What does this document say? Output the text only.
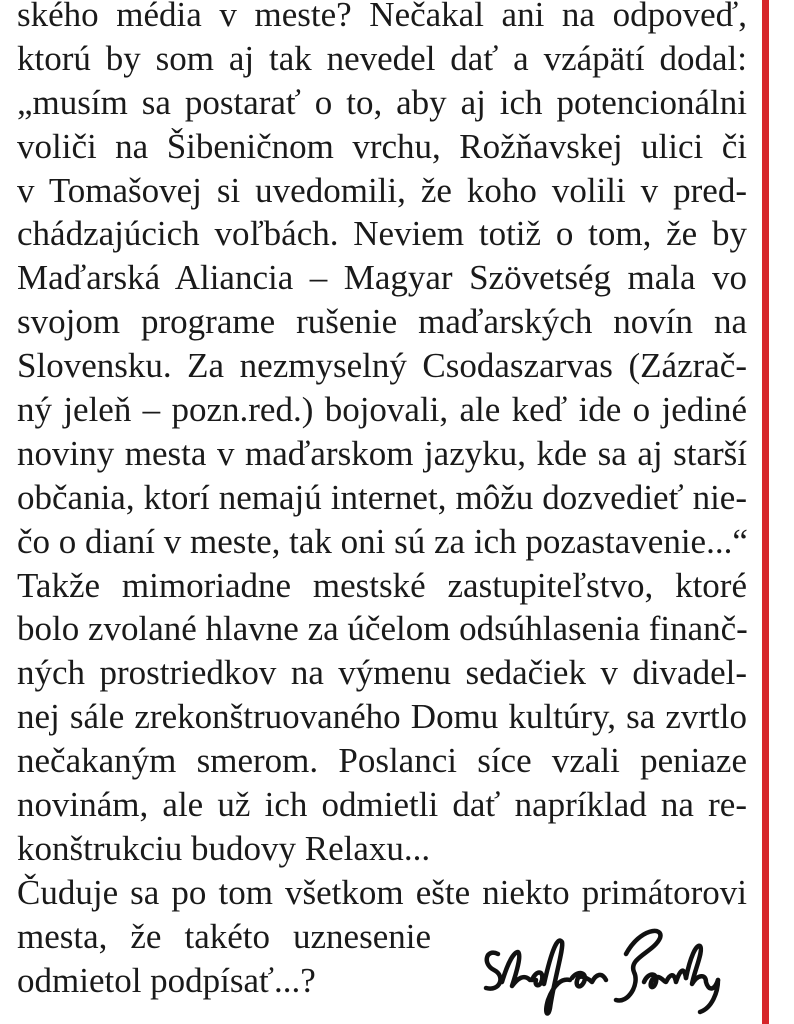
ského média v meste? Nečakal ani na odpoveď,
ktorú by som aj tak nevedel dať a vzápätí dodal:
„musím sa postarať o to, aby aj ich potencionálni
voliči na Šibeničnom vrchu, Rožňavskej ulici či
v Tomašovej si uvedomili, že koho volili v pred-
chádzajúcich voľbách. Neviem totiž o tom, že by
Maďarská Aliancia – Magyar Szövetség mala vo
svojom programe rušenie maďarských novín na
Slovensku. Za nezmyselný Csodaszarvas (Zázrač-
ný jeleň – pozn.red.) bojovali, ale keď ide o jediné
noviny mesta v maďarskom jazyku, kde sa aj starší
občania, ktorí nemajú internet, môžu dozvedieť nie-
čo o dianí v meste, tak oni sú za ich pozastavenie...“
Takže mimoriadne mestské zastupiteľstvo, ktoré
bolo zvolané hlavne za účelom odsúhlasenia finanč-
ných prostriedkov na výmenu sedačiek v divadel-
nej sále zrekonštruovaného Domu kultúry, sa zvrtlo
nečakaným smerom. Poslanci síce vzali peniaze
novinám, ale už ich odmietli dať napríklad na re-
konštrukciu budovy Relaxu...
Čuduje sa po tom všetkom ešte niekto primátorovi
mesta, že takéto uznesenie
odmietol podpísať...?
